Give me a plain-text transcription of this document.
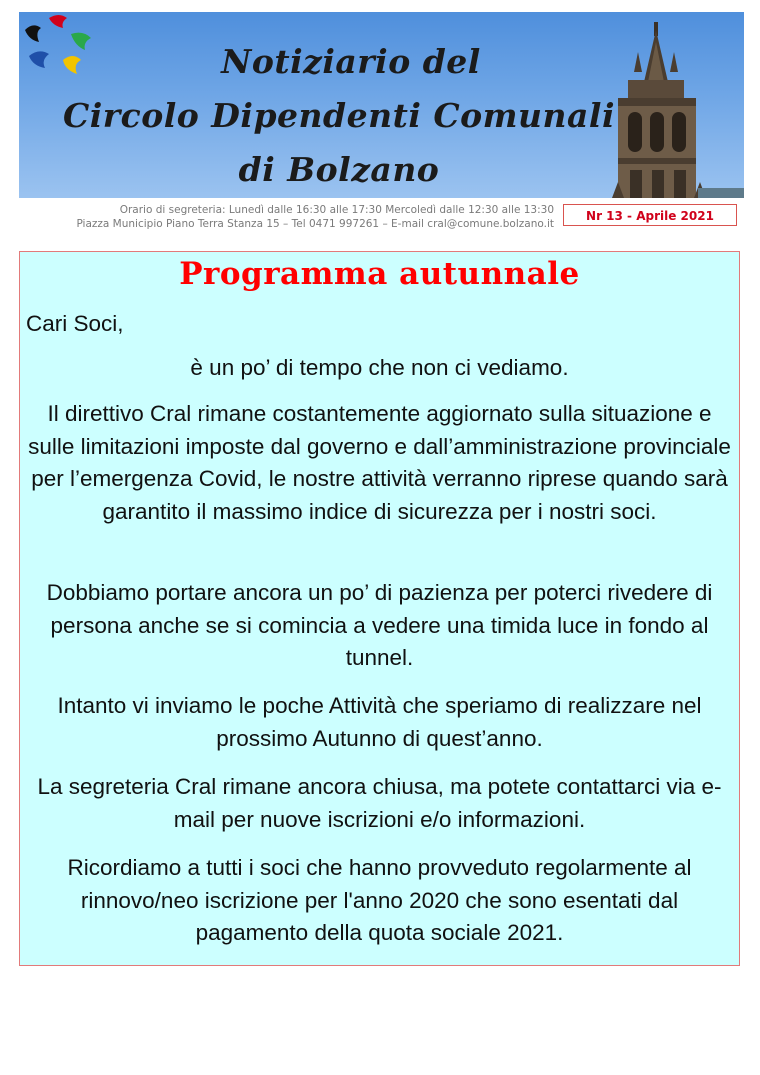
Notiziario del
Circolo Dipendenti Comunali
di Bolzano
Orario di segreteria: Lunedì dalle 16:30 alle 17:30 Mercoledì dalle 12:30 alle 13:30
Piazza Municipio Piano Terra Stanza 15 – Tel 0471 997261 – E-mail cral@comune.bolzano.it
Nr 13 - Aprile 2021
Programma autunnale
Cari Soci,
è un po’ di tempo che non ci vediamo.
Il direttivo Cral rimane costantemente aggiornato sulla situazione e sulle limitazioni imposte dal governo e dall’amministrazione provinciale per l’emergenza Covid, le nostre attività verranno riprese quando sarà garantito il massimo indice di sicurezza per i nostri soci.
Dobbiamo portare ancora un po’ di pazienza per poterci rivedere di persona anche se si comincia a vedere una timida luce in fondo al tunnel.
Intanto vi inviamo le poche Attività che speriamo di realizzare nel prossimo Autunno di quest’anno.
La segreteria Cral rimane ancora chiusa, ma potete contattarci via e-mail per nuove iscrizioni e/o informazioni.
Ricordiamo a tutti i soci che hanno provveduto regolarmente al rinnovo/neo iscrizione per l'anno 2020 che sono esentati dal pagamento della quota sociale 2021.
